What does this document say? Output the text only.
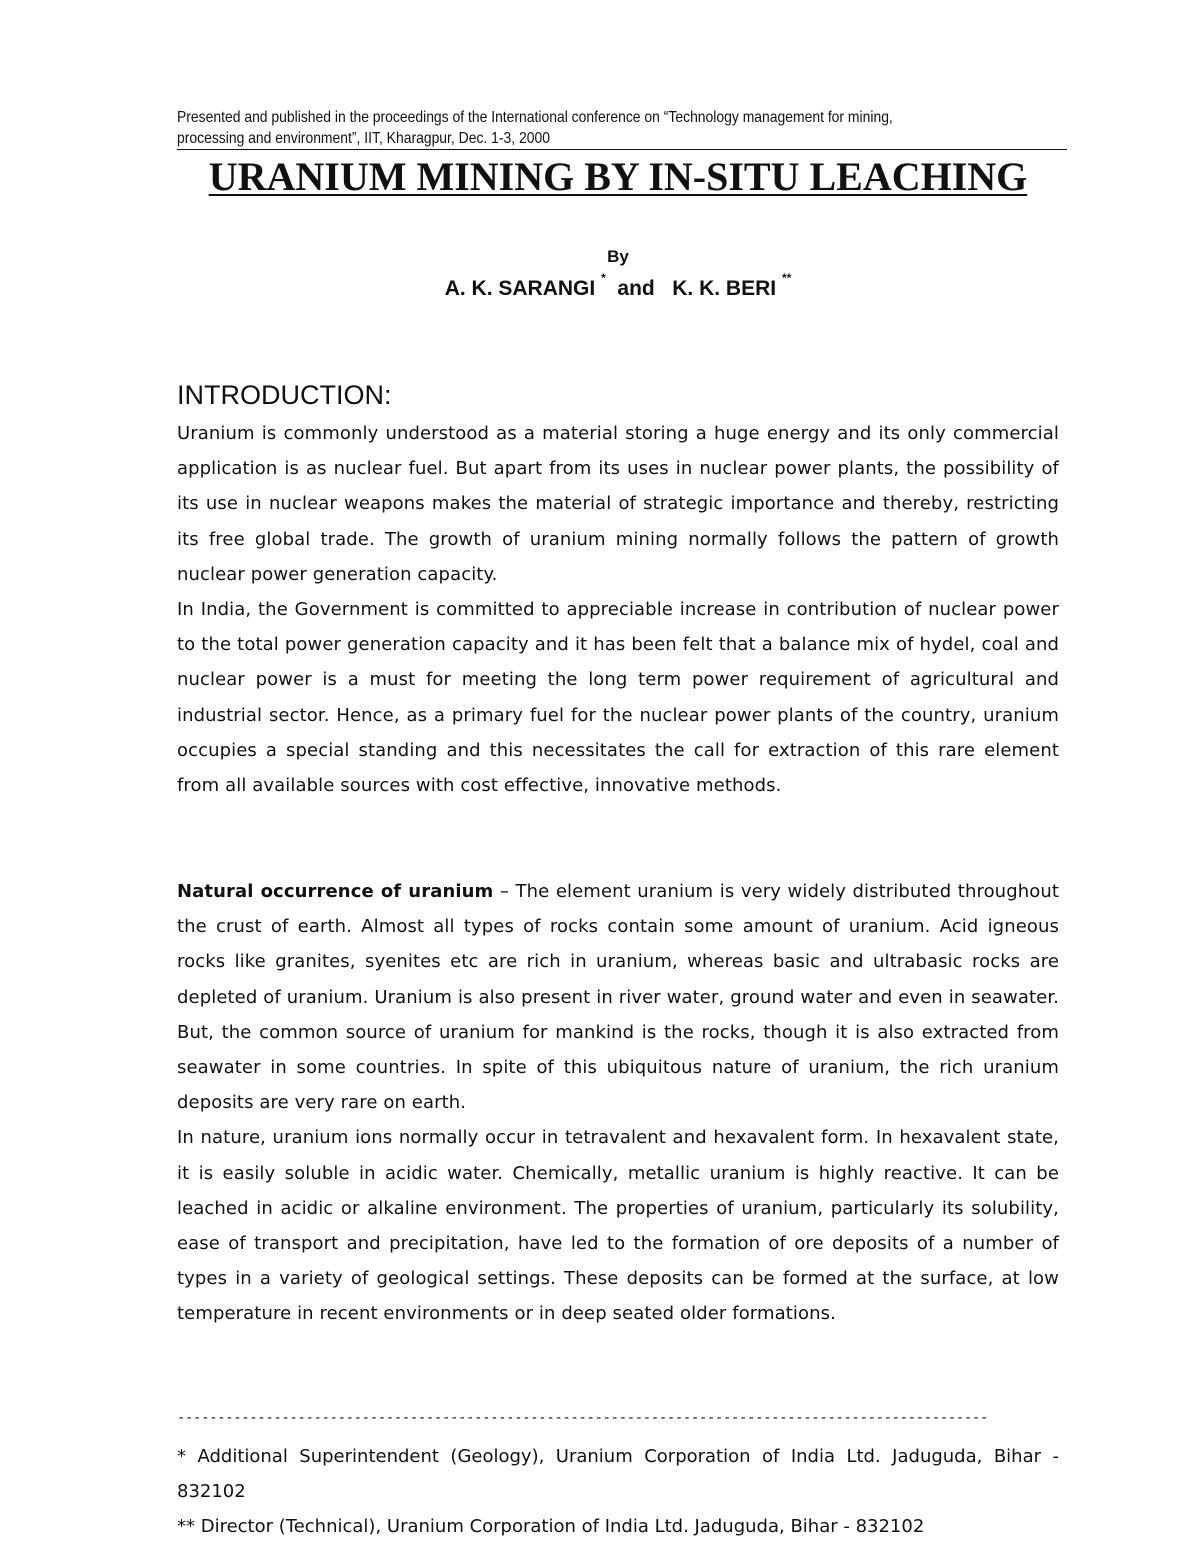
Presented and published in the proceedings of the International conference on “Technology management for mining,
processing and environment”, IIT, Kharagpur, Dec. 1-3, 2000
URANIUM MINING BY IN-SITU LEACHING
By
A. K. SARANGI * and K. K. BERI **
INTRODUCTION:

Uranium is commonly understood as a material storing a huge energy and its only commercial application is as nuclear fuel. But apart from its uses in nuclear power plants, the possibility of its use in nuclear weapons makes the material of strategic importance and thereby, restricting its free global trade. The growth of uranium mining normally follows the pattern of growth nuclear power generation capacity.

In India, the Government is committed to appreciable increase in contribution of nuclear power to the total power generation capacity and it has been felt that a balance mix of hydel, coal and nuclear power is a must for meeting the long term power requirement of agricultural and industrial sector. Hence, as a primary fuel for the nuclear power plants of the country, uranium occupies a special standing and this necessitates the call for extraction of this rare element from all available sources with cost effective, innovative methods.

Natural occurrence of uranium – The element uranium is very widely distributed throughout the crust of earth. Almost all types of rocks contain some amount of uranium. Acid igneous rocks like granites, syenites etc are rich in uranium, whereas basic and ultrabasic rocks are depleted of uranium. Uranium is also present in river water, ground water and even in seawater. But, the common source of uranium for mankind is the rocks, though it is also extracted from seawater in some countries. In spite of this ubiquitous nature of uranium, the rich uranium deposits are very rare on earth.

In nature, uranium ions normally occur in tetravalent and hexavalent form. In hexavalent state, it is easily soluble in acidic water. Chemically, metallic uranium is highly reactive. It can be leached in acidic or alkaline environment. The properties of uranium, particularly its solubility, ease of transport and precipitation, have led to the formation of ore deposits of a number of types in a variety of geological settings. These deposits can be formed at the surface, at low temperature in recent environments or in deep seated older formations.

-----------------------------------------------------------------------------------------------------

* Additional Superintendent (Geology), Uranium Corporation of India Ltd. Jaduguda, Bihar - 832102

** Director (Technical), Uranium Corporation of India Ltd. Jaduguda, Bihar - 832102
